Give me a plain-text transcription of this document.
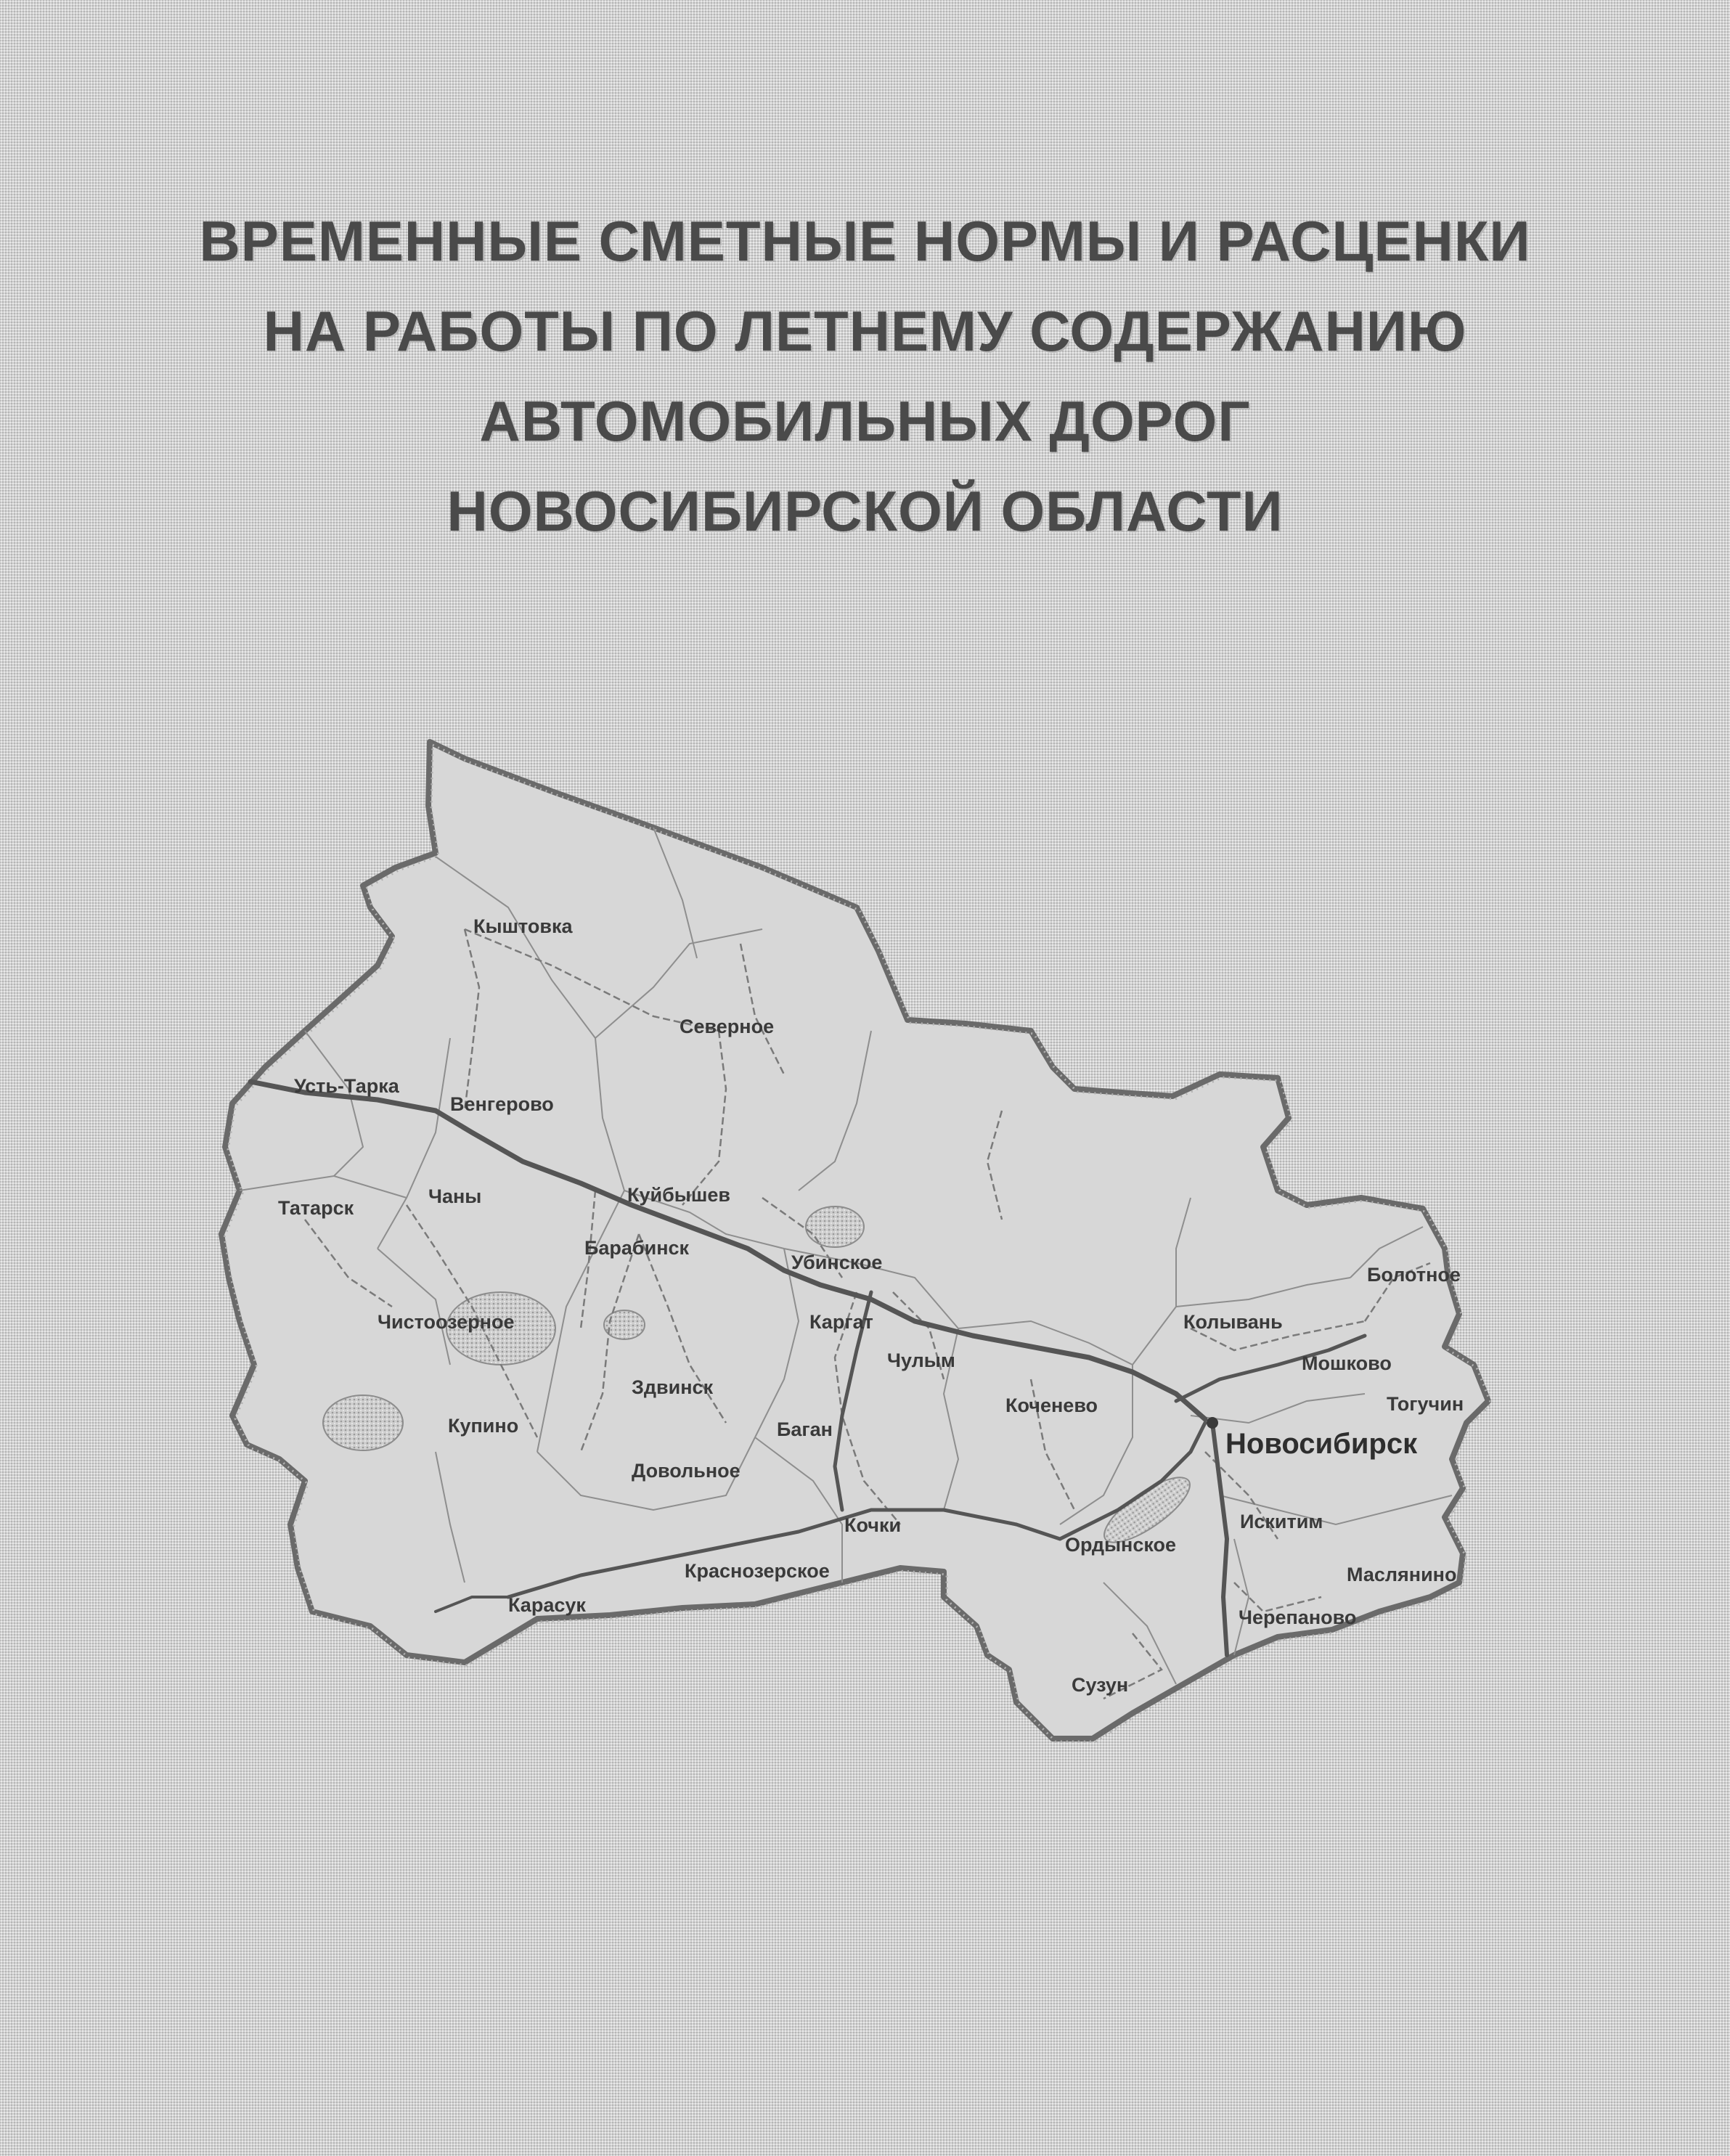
ВРЕМЕННЫЕ СМЕТНЫЕ НОРМЫ И РАСЦЕНКИ
НА РАБОТЫ ПО ЛЕТНЕМУ СОДЕРЖАНИЮ
АВТОМОБИЛЬНЫХ ДОРОГ
НОВОСИБИРСКОЙ ОБЛАСТИ
Кыштовка
Северное
Усть-Тарка
Венгерово
Татарск
Чаны	Куйбышев
Барабинск
Убинское
Болотное
Чистоозерное	Каргат	Колывань
Чулым	Мошково
Здвинск
Коченево	Тогучин
Купино	Баган	Новосибирск
Довольное
Кочки	Искитим
Ордынское
Краснозерское	Маслянино
Карасук
Черепаново
Сузун
